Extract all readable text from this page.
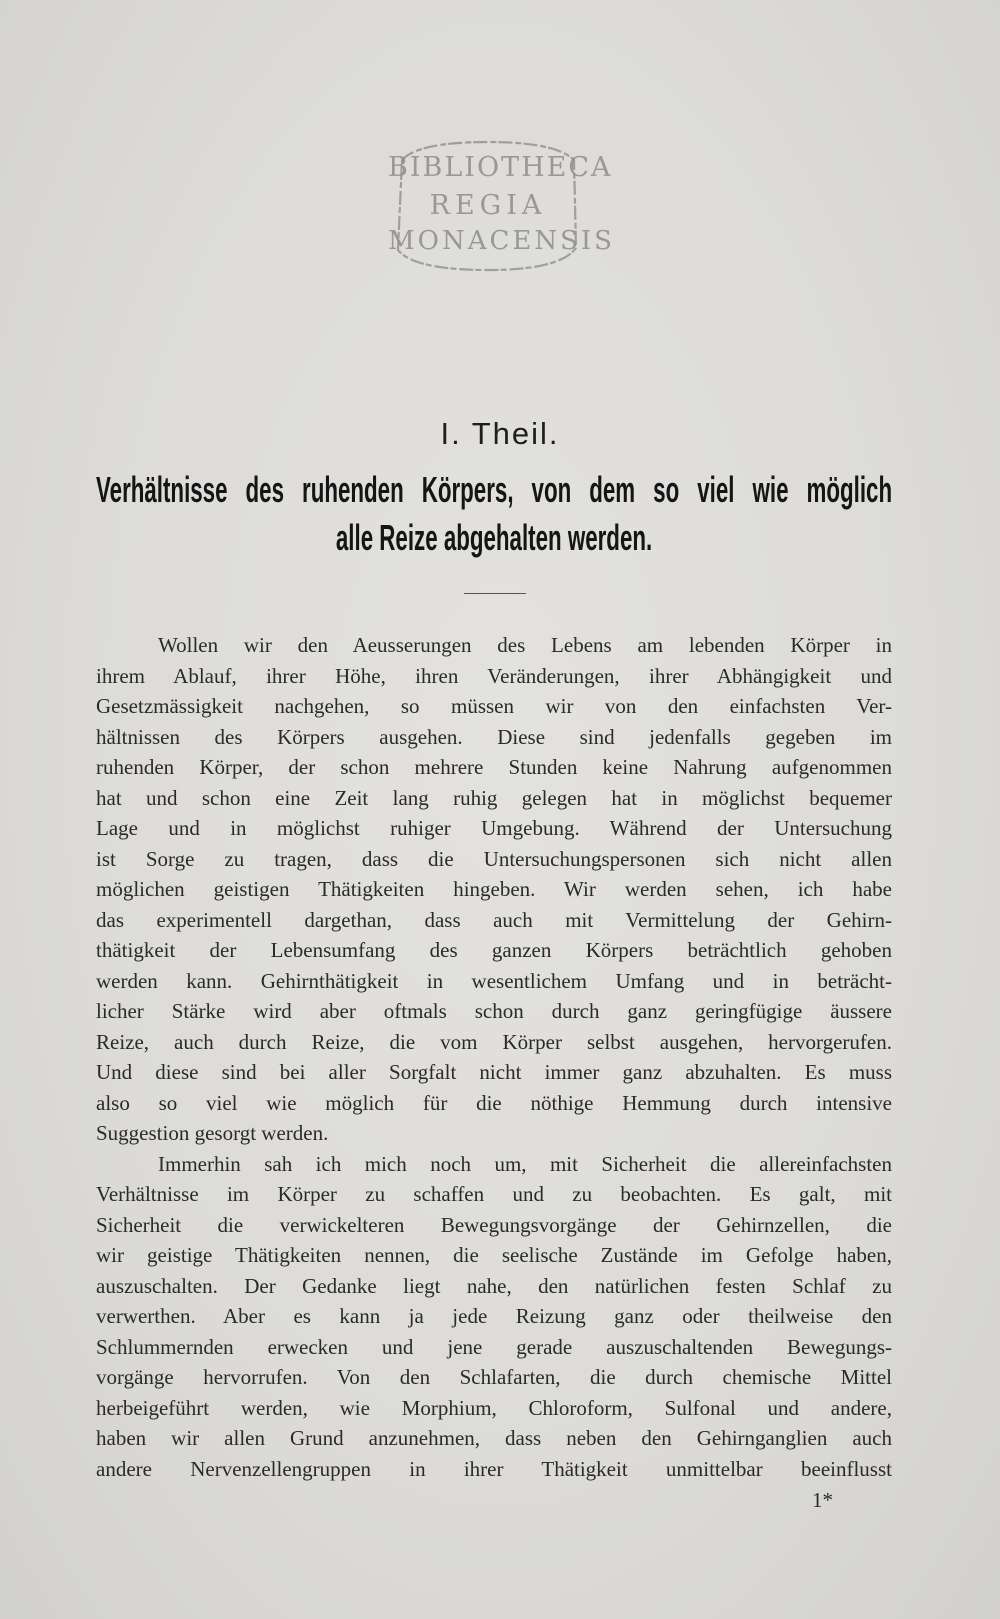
BIBLIOTHECA
REGIA
MONACENSIS
I. Theil.
Verhältnisse des ruhenden Körpers, von dem so viel wie möglich
alle Reize abgehalten werden.
Wollen wir den Aeusserungen des Lebens am lebenden Körper in
ihrem Ablauf, ihrer Höhe, ihren Veränderungen, ihrer Abhängigkeit und
Gesetzmässigkeit nachgehen, so müssen wir von den einfachsten Ver-
hältnissen des Körpers ausgehen. Diese sind jedenfalls gegeben im
ruhenden Körper, der schon mehrere Stunden keine Nahrung aufgenommen
hat und schon eine Zeit lang ruhig gelegen hat in möglichst bequemer
Lage und in möglichst ruhiger Umgebung. Während der Untersuchung
ist Sorge zu tragen, dass die Untersuchungspersonen sich nicht allen
möglichen geistigen Thätigkeiten hingeben. Wir werden sehen, ich habe
das experimentell dargethan, dass auch mit Vermittelung der Gehirn-
thätigkeit der Lebensumfang des ganzen Körpers beträchtlich gehoben
werden kann. Gehirnthätigkeit in wesentlichem Umfang und in beträcht-
licher Stärke wird aber oftmals schon durch ganz geringfügige äussere
Reize, auch durch Reize, die vom Körper selbst ausgehen, hervorgerufen.
Und diese sind bei aller Sorgfalt nicht immer ganz abzuhalten. Es muss
also so viel wie möglich für die nöthige Hemmung durch intensive
Suggestion gesorgt werden.
Immerhin sah ich mich noch um, mit Sicherheit die allereinfachsten
Verhältnisse im Körper zu schaffen und zu beobachten. Es galt, mit
Sicherheit die verwickelteren Bewegungsvorgänge der Gehirnzellen, die
wir geistige Thätigkeiten nennen, die seelische Zustände im Gefolge haben,
auszuschalten. Der Gedanke liegt nahe, den natürlichen festen Schlaf zu
verwerthen. Aber es kann ja jede Reizung ganz oder theilweise den
Schlummernden erwecken und jene gerade auszuschaltenden Bewegungs-
vorgänge hervorrufen. Von den Schlafarten, die durch chemische Mittel
herbeigeführt werden, wie Morphium, Chloroform, Sulfonal und andere,
haben wir allen Grund anzunehmen, dass neben den Gehirnganglien auch
andere Nervenzellengruppen in ihrer Thätigkeit unmittelbar beeinflusst
1*
